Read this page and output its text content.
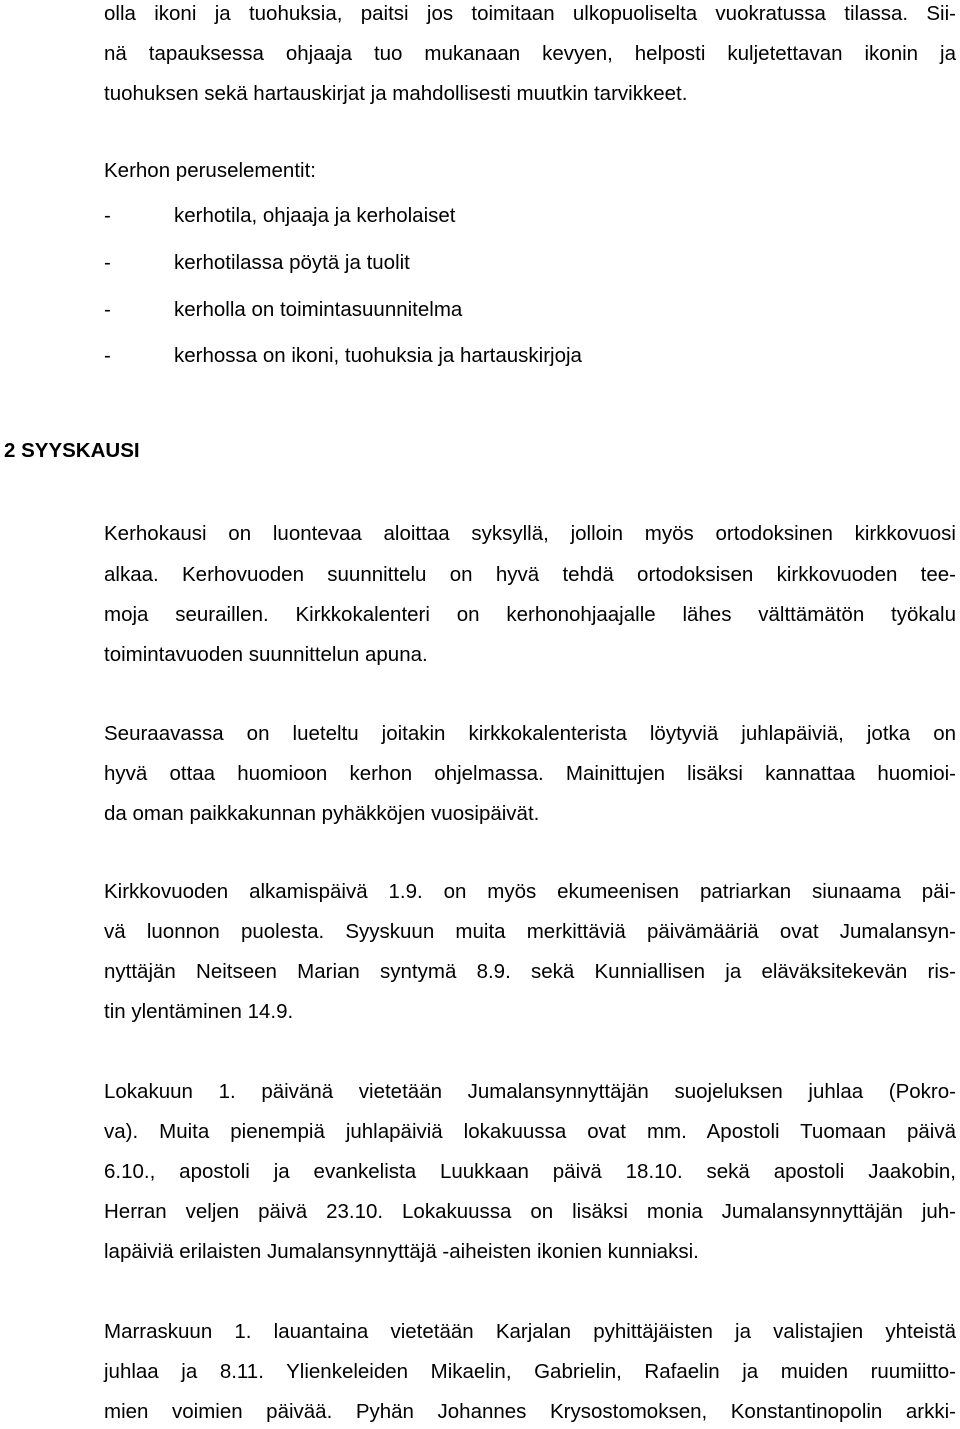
olla ikoni ja tuohuksia, paitsi jos toimitaan ulkopuoliselta vuokratussa tilassa. Sii-
nä tapauksessa ohjaaja tuo mukanaan kevyen, helposti kuljetettavan ikonin ja
tuohuksen sekä hartauskirjat ja mahdollisesti muutkin tarvikkeet.
Kerhon peruselementit:
-	kerhotila, ohjaaja ja kerholaiset
-	kerhotilassa pöytä ja tuolit
-	kerholla on toimintasuunnitelma
-	kerhossa on ikoni, tuohuksia ja hartauskirjoja
2 SYYSKAUSI
Kerhokausi on luontevaa aloittaa syksyllä, jolloin myös ortodoksinen kirkkovuosi
alkaa. Kerhovuoden suunnittelu on hyvä tehdä ortodoksisen kirkkovuoden tee-
moja seuraillen. Kirkkokalenteri on kerhonohjaajalle lähes välttämätön työkalu
toimintavuoden suunnittelun apuna.
Seuraavassa on lueteltu joitakin kirkkokalenterista löytyviä juhlapäiviä, jotka on
hyvä ottaa huomioon kerhon ohjelmassa. Mainittujen lisäksi kannattaa huomioi-
da oman paikkakunnan pyhäkköjen vuosipäivät.
Kirkkovuoden alkamispäivä 1.9. on myös ekumeenisen patriarkan siunaama päi-
vä luonnon puolesta. Syyskuun muita merkittäviä päivämääriä ovat Jumalansyn-
nyttäjän Neitseen Marian syntymä 8.9. sekä Kunniallisen ja eläväksitekevän ris-
tin ylentäminen 14.9.
Lokakuun 1. päivänä vietetään Jumalansynnyttäjän suojeluksen juhlaa (Pokro-
va). Muita pienempiä juhlapäiviä lokakuussa ovat mm. Apostoli Tuomaan päivä
6.10., apostoli ja evankelista Luukkaan päivä 18.10. sekä apostoli Jaakobin,
Herran veljen päivä 23.10. Lokakuussa on lisäksi monia Jumalansynnyttäjän juh-
lapäiviä erilaisten Jumalansynnyttäjä -aiheisten ikonien kunniaksi.
Marraskuun 1. lauantaina vietetään Karjalan pyhittäjäisten ja valistajien yhteistä
juhlaa ja 8.11. Ylienkeleiden Mikaelin, Gabrielin, Rafaelin ja muiden ruumiitto-
mien voimien päivää. Pyhän Johannes Krysostomoksen, Konstantinopolin arkki-
